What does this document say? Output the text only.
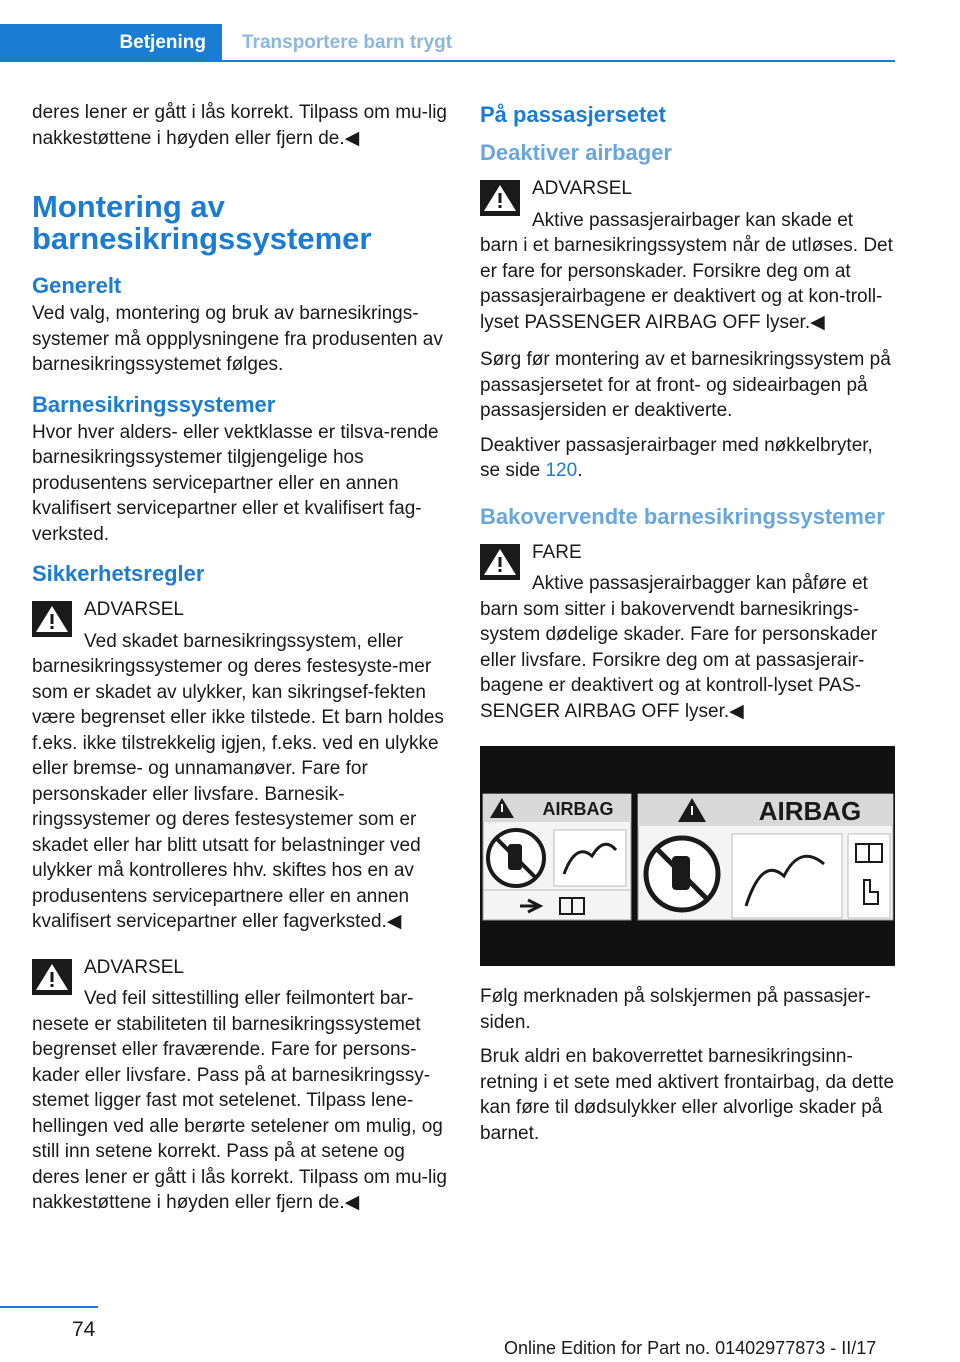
Betjening	Transportere barn trygt

deres lener er gått i lås korrekt. Tilpass om mu-lig nakkestøttene i høyden eller fjern de.◀

Montering av barnesikringssystemer
Generelt

Ved valg, montering og bruk av barnesikrings-systemer må oppplysningene fra produsenten av barnesikringssystemet følges.

Barnesikringssystemer

Hvor hver alders- eller vektklasse er tilsva-rende barnesikringssystemer tilgjengelige hos produsentens servicepartner eller en annen kvalifisert servicepartner eller et kvalifisert fag-verksted.

Sikkerhetsregler
ADVARSEL
Ved skadet barnesikringssystem, eller barnesikringssystemer og deres festesyste-mer som er skadet av ulykker, kan sikringsef-fekten være begrenset eller ikke tilstede. Et barn holdes f.eks. ikke tilstrekkelig igjen, f.eks. ved en ulykke eller bremse- og unnamanøver. Fare for personskader eller livsfare. Barnesik-ringssystemer og deres festesystemer som er skadet eller har blitt utsatt for belastninger ved ulykker må kontrolleres hhv. skiftes hos en av produsentens servicepartnere eller en annen kvalifisert servicepartner eller fagverksted.◀
ADVARSEL
Ved feil sittestilling eller feilmontert bar-nesete er stabiliteten til barnesikringssystemet begrenset eller fraværende. Fare for persons-kader eller livsfare. Pass på at barnesikringssy-stemet ligger fast mot setelenet. Tilpass lene-hellingen ved alle berørte setelener om mulig, og still inn setene korrekt. Pass på at setene og deres lener er gått i lås korrekt. Tilpass om mu-lig nakkestøttene i høyden eller fjern de.◀
På passasjersetet
Deaktiver airbager
ADVARSEL
Aktive passasjerairbager kan skade et barn i et barnesikringssystem når de utløses. Det er fare for personskader. Forsikre deg om at passasjerairbagene er deaktivert og at kon-troll-lyset PASSENGER AIRBAG OFF lyser.◀

Sørg før montering av et barnesikringssystem på passasjersetet for at front- og sideairbagen på passasjersiden er deaktiverte.

Deaktiver passasjerairbager med nøkkelbryter, se side 120.

Bakovervendte barnesikringssystemer
FARE
Aktive passasjerairbagger kan påføre et barn som sitter i bakovervendt barnesikrings-system dødelige skader. Fare for personskader eller livsfare. Forsikre deg om at passasjerair-bagene er deaktivert og at kontroll-lyset PAS-SENGER AIRBAG OFF lyser.◀
AIRBAG	AIRBAG

Følg merknaden på solskjermen på passasjer-siden.

Bruk aldri en bakoverrettet barnesikringsinn-retning i et sete med aktivert frontairbag, da dette kan føre til dødsulykker eller alvorlige skader på barnet.

74
Online Edition for Part no. 01402977873 - II/17
